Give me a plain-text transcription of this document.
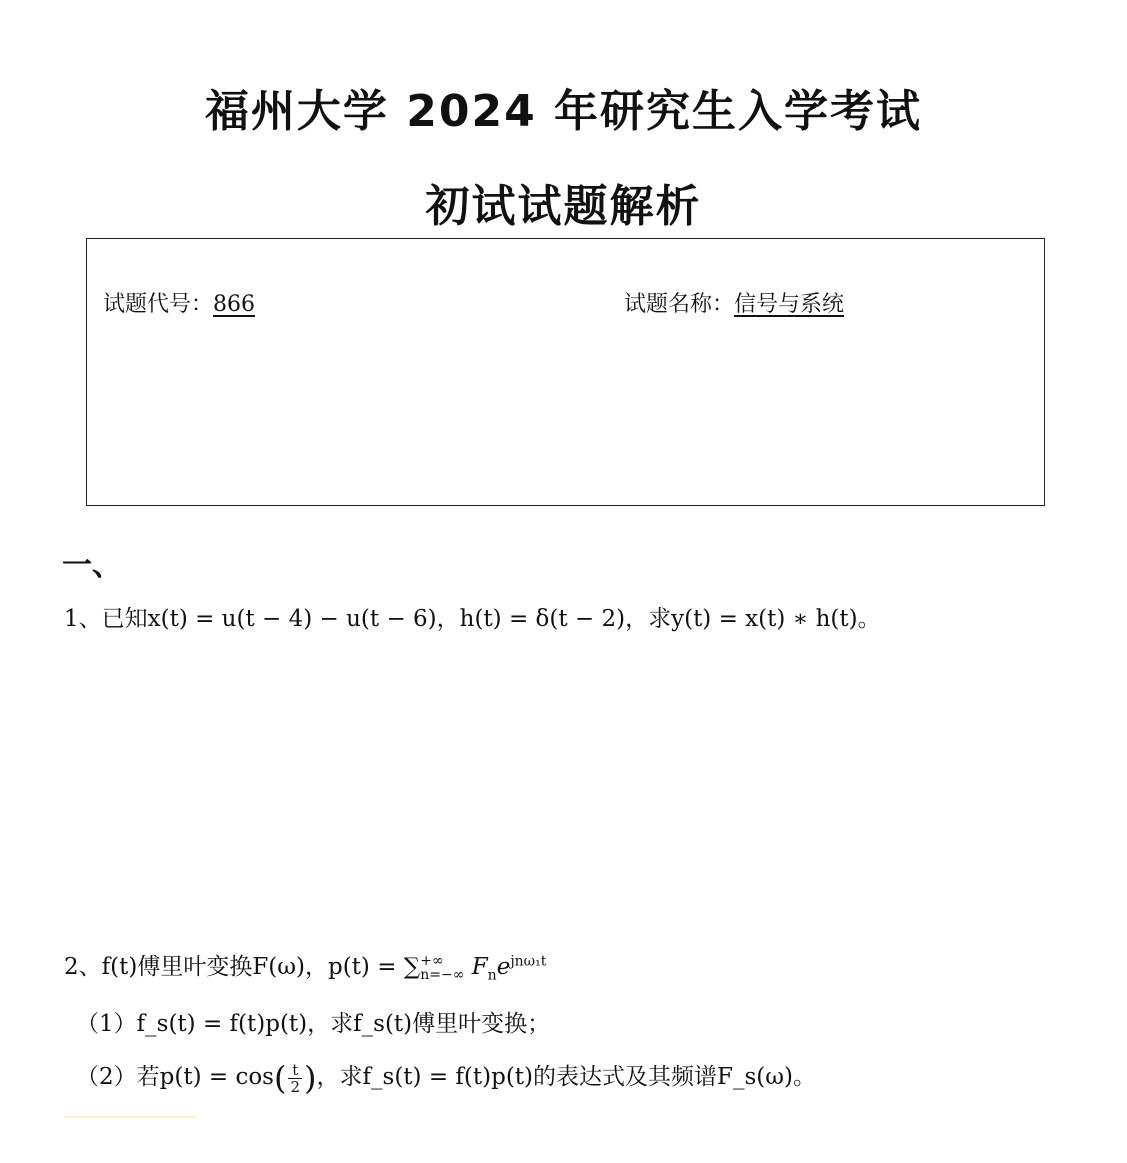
福州大学 2024 年研究生入学考试
初试试题解析
试题代号：866	试题名称：信号与系统
一、
1、已知x(t) = u(t − 4) − u(t − 6)，h(t) = δ(t − 2)，求y(t) = x(t) ∗ h(t)。
2、f(t)傅里叶变换F(ω)，p(t) = ∑ +∞
n=−∞ $F_ne^{jn\omega_1t}$
（1）f_s(t) = f(t)p(t)，求f_s(t)傅里叶变换；
（2）若$p(t) = \cos( \frac{t}{2}$ )，求f_s(t) = f(t)p(t)的表达式及其频谱F_s(ω)。
